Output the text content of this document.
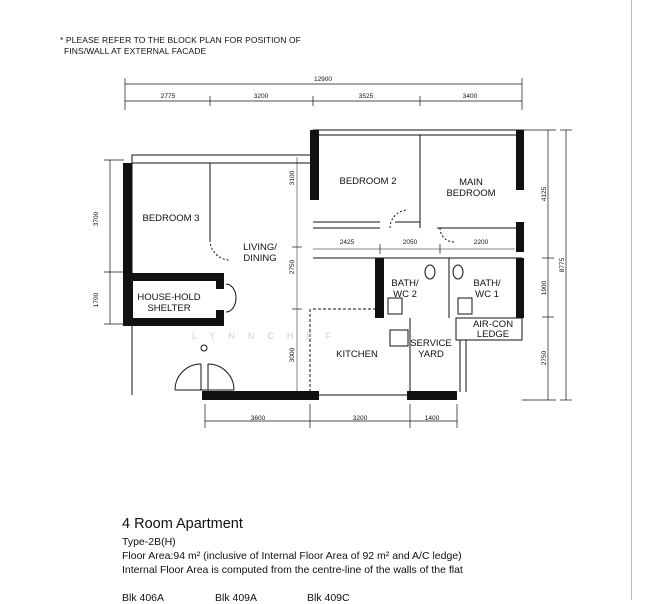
* PLEASE REFER TO THE BLOCK PLAN FOR POSITION OF
FINS/WALL AT EXTERNAL FACADE
12900
2775	3200	3525	3400
3600	3200	1400
2425	2050	2200
3700
1700
8775
4125
1900
2750
3100
2750
3000
LYNNCHEF
BEDROOM 3
BEDROOM 2	MAIN
BEDROOM
LIVING/
DINING
HOUSE-HOLD
SHELTER
BATH/
WC 2
BATH/
WC 1
AIR-CON
LEDGE
KITCHEN
SERVICE
YARD
4 Room Apartment
Type-2B(H)
Floor Area:94 m² (inclusive of Internal Floor Area of 92 m² and A/C ledge)
Internal Floor Area is computed from the centre-line of the walls of the flat
Blk 406A	Blk 409A	Blk 409C
